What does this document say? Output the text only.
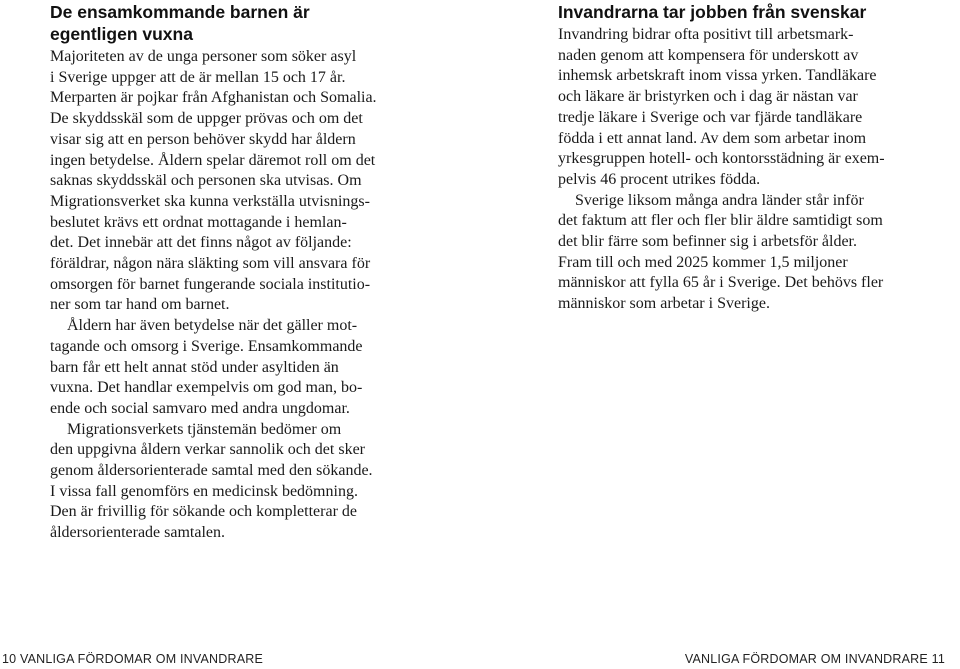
De ensamkommande barnen är
egentligen vuxna
Majoriteten av de unga personer som söker asyl
i Sverige uppger att de är mellan 15 och 17 år.
Merparten är pojkar från Afghanistan och Somalia.
De skyddsskäl som de uppger prövas och om det
visar sig att en person behöver skydd har åldern
ingen betydelse. Åldern spelar däremot roll om det
saknas skyddsskäl och personen ska utvisas. Om
Migrationsverket ska kunna verkställa utvisnings-
beslutet krävs ett ordnat mottagande i hemlan-
det. Det innebär att det finns något av följande:
föräldrar, någon nära släkting som vill ansvara för
omsorgen för barnet fungerande sociala institutio-
ner som tar hand om barnet.
Åldern har även betydelse när det gäller mot-
tagande och omsorg i Sverige. Ensamkommande
barn får ett helt annat stöd under asyltiden än
vuxna. Det handlar exempelvis om god man, bo-
ende och social samvaro med andra ungdomar.
Migrationsverkets tjänstemän bedömer om
den uppgivna åldern verkar sannolik och det sker
genom åldersorienterade samtal med den sökande.
I vissa fall genomförs en medicinsk bedömning.
Den är frivillig för sökande och kompletterar de
åldersorienterade samtalen.
Invandrarna tar jobben från svenskar
Invandring bidrar ofta positivt till arbetsmark-
naden genom att kompensera för underskott av
inhemsk arbetskraft inom vissa yrken. Tandläkare
och läkare är bristyrken och i dag är nästan var
tredje läkare i Sverige och var fjärde tandläkare
födda i ett annat land. Av dem som arbetar inom
yrkesgruppen hotell- och kontorsstädning är exem-
pelvis 46 procent utrikes födda.
Sverige liksom många andra länder står inför
det faktum att fler och fler blir äldre samtidigt som
det blir färre som befinner sig i arbetsför ålder.
Fram till och med 2025 kommer 1,5 miljoner
människor att fylla 65 år i Sverige. Det behövs fler
människor som arbetar i Sverige.
10 VANLIGA FÖRDOMAR OM INVANDRARE	VANLIGA FÖRDOMAR OM INVANDRARE 11
